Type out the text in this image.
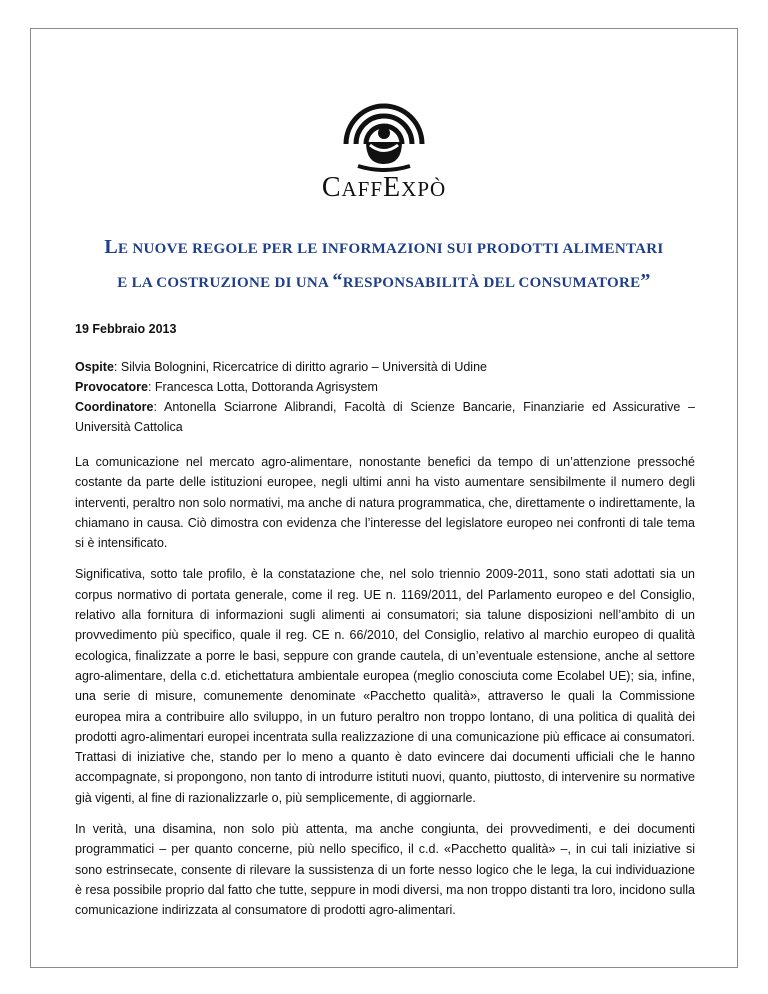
CAFFEXPÒ
LE NUOVE REGOLE PER LE INFORMAZIONI SUI PRODOTTI ALIMENTARI
E LA COSTRUZIONE DI UNA “RESPONSABILITÀ DEL CONSUMATORE”
19 Febbraio 2013
Ospite: Silvia Bolognini, Ricercatrice di diritto agrario – Università di Udine
Provocatore: Francesca Lotta, Dottoranda Agrisystem
Coordinatore: Antonella Sciarrone Alibrandi, Facoltà di Scienze Bancarie, Finanziarie ed Assicurative – Università Cattolica

La comunicazione nel mercato agro-alimentare, nonostante benefici da tempo di un’attenzione pressoché costante da parte delle istituzioni europee, negli ultimi anni ha visto aumentare sensibilmente il numero degli interventi, peraltro non solo normativi, ma anche di natura programmatica, che, direttamente o indirettamente, la chiamano in causa. Ciò dimostra con evidenza che l’interesse del legislatore europeo nei confronti di tale tema si è intensificato.

Significativa, sotto tale profilo, è la constatazione che, nel solo triennio 2009-2011, sono stati adottati sia un corpus normativo di portata generale, come il reg. UE n. 1169/2011, del Parlamento europeo e del Consiglio, relativo alla fornitura di informazioni sugli alimenti ai consumatori; sia talune disposizioni nell’ambito di un provvedimento più specifico, quale il reg. CE n. 66/2010, del Consiglio, relativo al marchio europeo di qualità ecologica, finalizzate a porre le basi, seppure con grande cautela, di un’eventuale estensione, anche al settore agro-alimentare, della c.d. etichettatura ambientale europea (meglio conosciuta come Ecolabel UE); sia, infine, una serie di misure, comunemente denominate «Pacchetto qualità», attraverso le quali la Commissione europea mira a contribuire allo sviluppo, in un futuro peraltro non troppo lontano, di una politica di qualità dei prodotti agro-alimentari europei incentrata sulla realizzazione di una comunicazione più efficace ai consumatori. Trattasi di iniziative che, stando per lo meno a quanto è dato evincere dai documenti ufficiali che le hanno accompagnate, si propongono, non tanto di introdurre istituti nuovi, quanto, piuttosto, di intervenire su normative già vigenti, al fine di razionalizzarle o, più semplicemente, di aggiornarle.

In verità, una disamina, non solo più attenta, ma anche congiunta, dei provvedimenti, e dei documenti programmatici – per quanto concerne, più nello specifico, il c.d. «Pacchetto qualità» –, in cui tali iniziative si sono estrinsecate, consente di rilevare la sussistenza di un forte nesso logico che le lega, la cui individuazione è resa possibile proprio dal fatto che tutte, seppure in modi diversi, ma non troppo distanti tra loro, incidono sulla comunicazione indirizzata al consumatore di prodotti agro-alimentari.
